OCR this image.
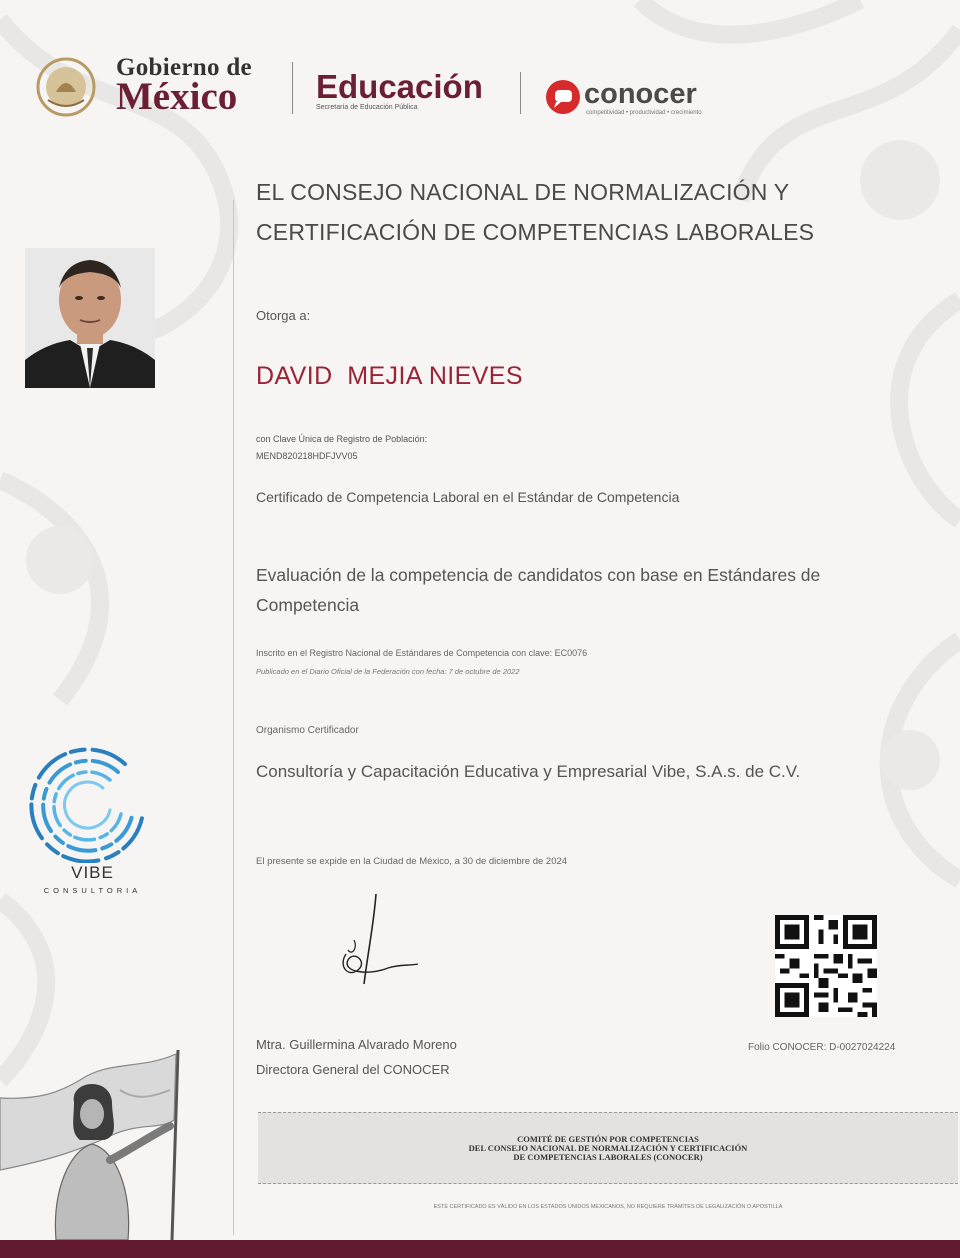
Gobierno de
México Educación
Secretaría de Educación Pública	conocer
competitividad • productividad • crecimiento
EL CONSEJO NACIONAL DE NORMALIZACIÓN Y CERTIFICACIÓN DE COMPETENCIAS LABORALES
Otorga a:
DAVID  MEJIA NIEVES
con Clave Única de Registro de Población:
MEND820218HDFJVV05
Certificado de Competencia Laboral en el Estándar de Competencia
Evaluación de la competencia de candidatos con base en Estándares de Competencia
Inscrito en el Registro Nacional de Estándares de Competencia con clave: EC0076
Publicado en el Diario Oficial de la Federación con fecha: 7 de octubre de 2022
Organismo Certificador
Consultoría y Capacitación Educativa y Empresarial Vibe, S.A.s. de C.V.
El presente se expide en la Ciudad de México, a 30 de diciembre de 2024
Mtra. Guillermina Alvarado Moreno
Directora General del CONOCER
Folio CONOCER: D-0027024224
COMITÉ DE GESTIÓN POR COMPETENCIAS
DEL CONSEJO NACIONAL DE NORMALIZACIÓN Y CERTIFICACIÓN
DE COMPETENCIAS LABORALES (CONOCER)
ESTE CERTIFICADO ES VÁLIDO EN LOS ESTADOS UNIDOS MEXICANOS, NO REQUIERE TRÁMITES DE LEGALIZACIÓN O APOSTILLA
VIBE
CONSULTORIA
